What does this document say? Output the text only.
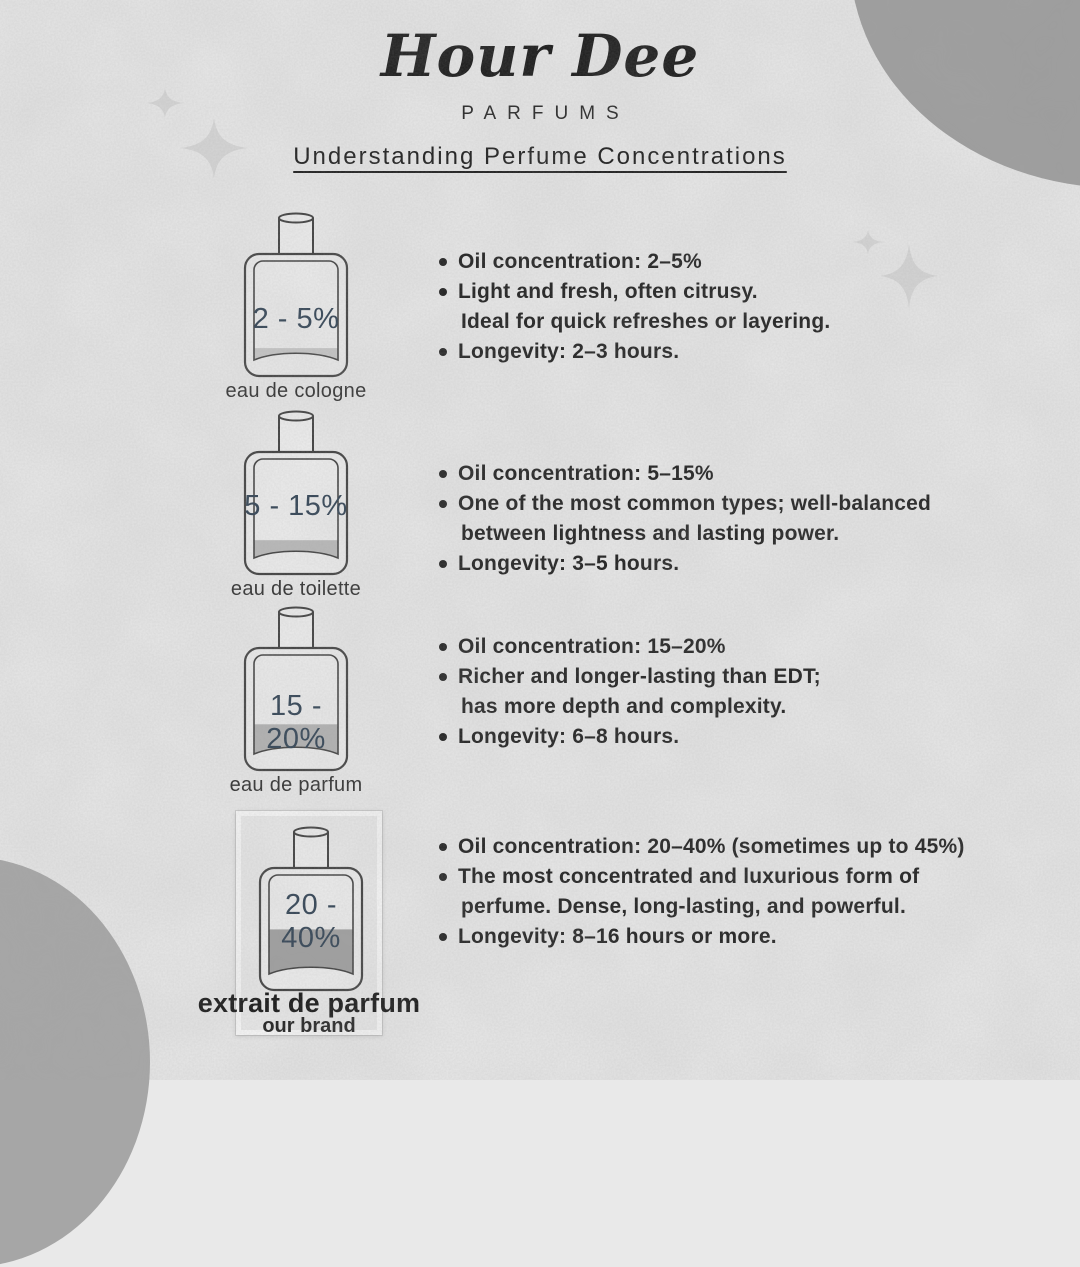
Hour Dee
PARFUMS
Understanding Perfume Concentrations
2 - 5%
eau de cologne
Oil concentration: 2–5%
Light and fresh, often citrusy.
Ideal for quick refreshes or layering.
Longevity: 2–3 hours.
5 - 15%
eau de toilette
Oil concentration: 5–15%
One of the most common types; well-balanced
between lightness and lasting power.
Longevity: 3–5 hours.
15 - 20%
eau de parfum
Oil concentration: 15–20%
Richer and longer-lasting than EDT;
has more depth and complexity.
Longevity: 6–8 hours.
20 - 40%
extrait de parfum
our brand
Oil concentration: 20–40% (sometimes up to 45%)
The most concentrated and luxurious form of
perfume. Dense, long-lasting, and powerful.
Longevity: 8–16 hours or more.
